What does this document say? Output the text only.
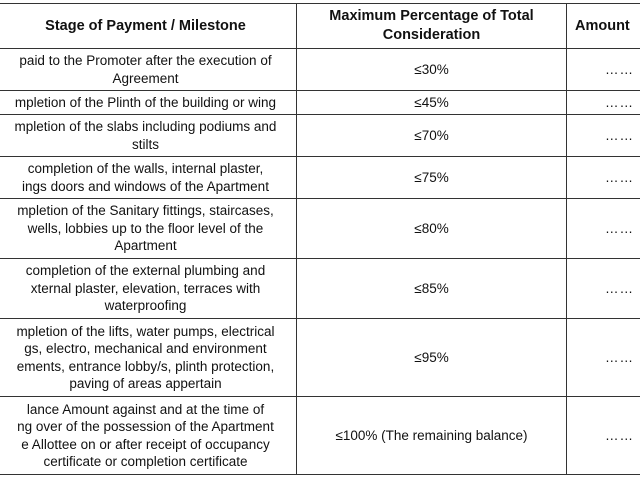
Stage of Payment / Milestone	Maximum Percentage of Total
Consideration	Amount

paid to the Promoter after the execution of
Agreement	≤30%	……

mpletion of the Plinth of the building or wing	≤45%	……

mpletion of the slabs including podiums and
stilts	≤70%	……

completion of the walls, internal plaster,
ings doors and windows of the Apartment	≤75%	……

mpletion of the Sanitary fittings, staircases,
wells, lobbies up to the floor level of the
Apartment	≤80%	……

completion of the external plumbing and
xternal plaster, elevation, terraces with
waterproofing	≤85%	……

mpletion of the lifts, water pumps, electrical
gs, electro, mechanical and environment
ements, entrance lobby/s, plinth protection,
paving of areas appertain	≤95%	……

lance Amount against and at the time of
ng over of the possession of the Apartment
e Allottee on or after receipt of occupancy
certificate or completion certificate	≤100% (The remaining balance)	……
